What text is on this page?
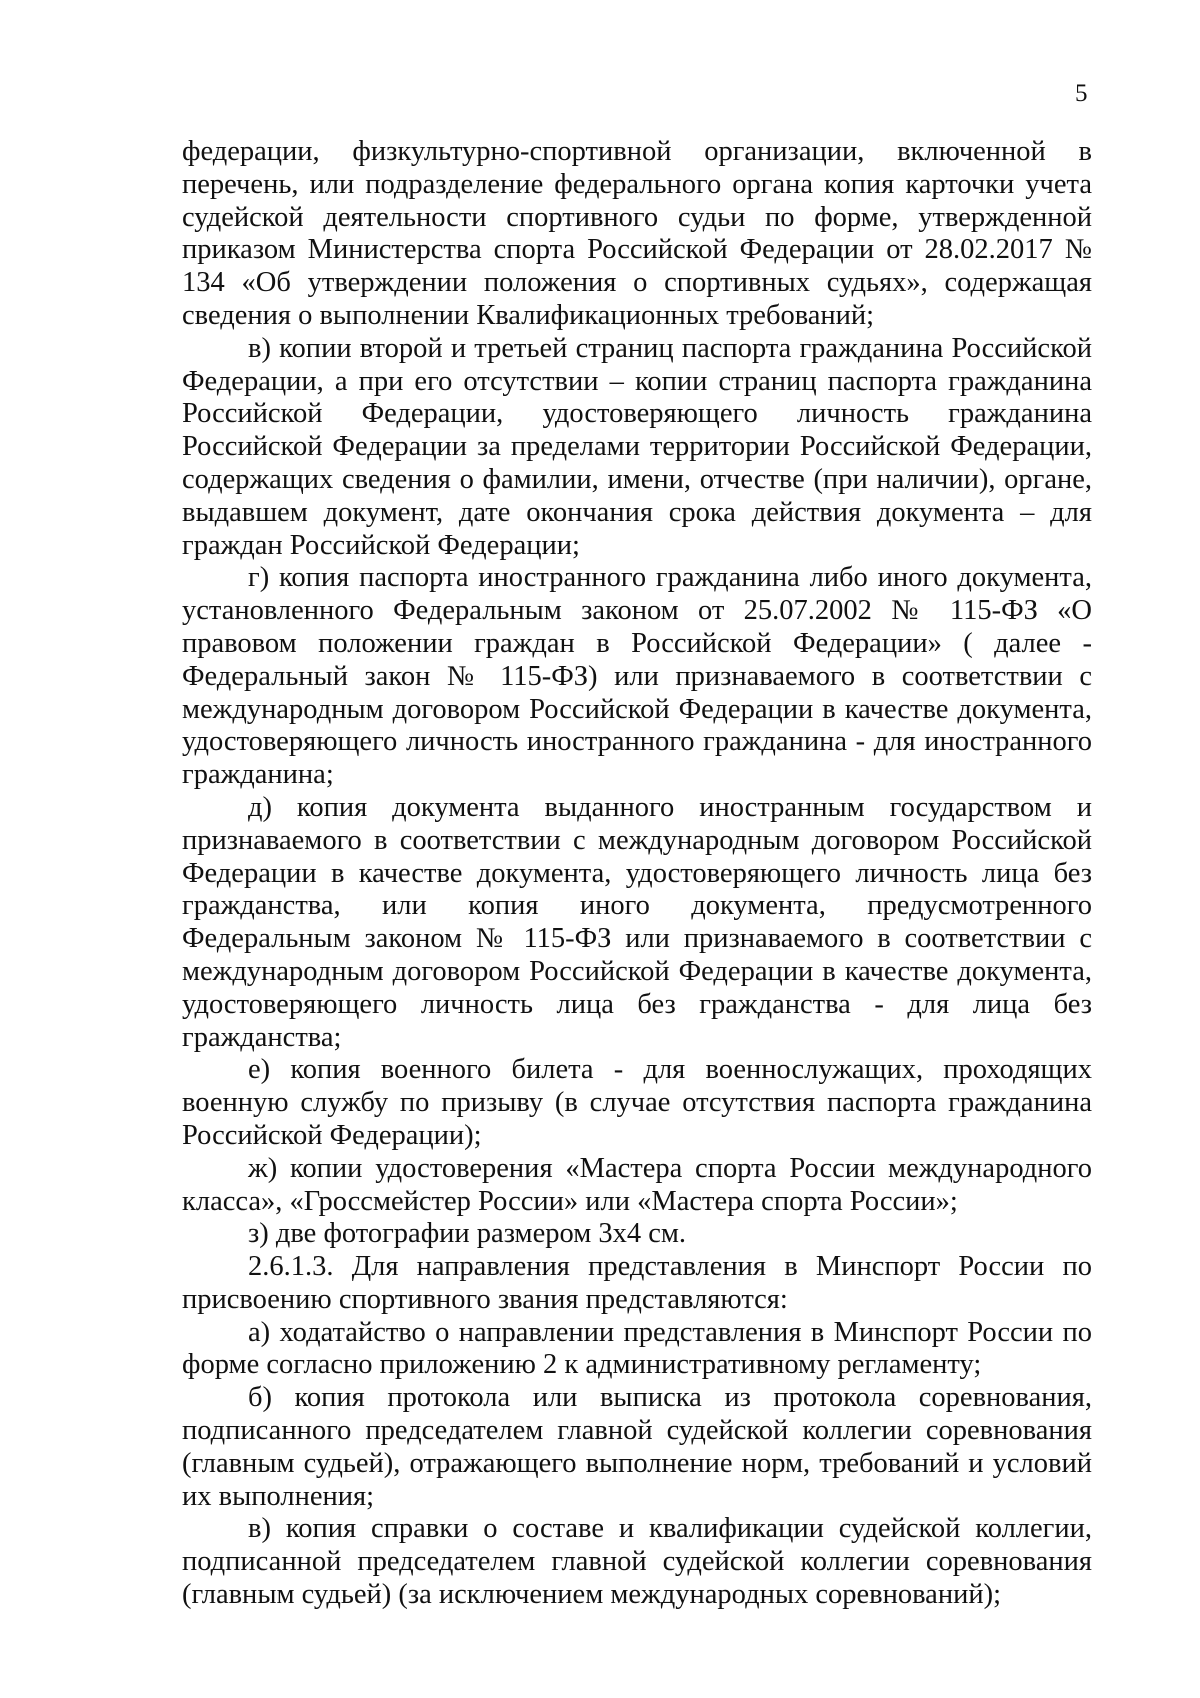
5

федерации, физкультурно-спортивной организации, включенной в перечень, или подразделение федерального органа копия карточки учета судейской деятельности спортивного судьи по форме, утвержденной приказом Министерства спорта Российской Федерации от 28.02.2017 № 134 «Об утверждении положения о спортивных судьях», содержащая сведения о выполнении Квалификационных требований;

в) копии второй и третьей страниц паспорта гражданина Российской Федерации, а при его отсутствии – копии страниц паспорта гражданина Российской Федерации, удостоверяющего личность гражданина Российской Федерации за пределами территории Российской Федерации, содержащих сведения о фамилии, имени, отчестве (при наличии), органе, выдавшем документ, дате окончания срока действия документа – для граждан Российской Федерации;

г) копия паспорта иностранного гражданина либо иного документа, установленного Федеральным законом от 25.07.2002 № 115-ФЗ «О правовом положении граждан в Российской Федерации» ( далее - Федеральный закон № 115-ФЗ) или признаваемого в соответствии с международным договором Российской Федерации в качестве документа, удостоверяющего личность иностранного гражданина - для иностранного гражданина;

д) копия документа выданного иностранным государством и признаваемого в соответствии с международным договором Российской Федерации в качестве документа, удостоверяющего личность лица без гражданства, или копия иного документа, предусмотренного Федеральным законом № 115-ФЗ или признаваемого в соответствии с международным договором Российской Федерации в качестве документа, удостоверяющего личность лица без гражданства - для лица без гражданства;

е) копия военного билета - для военнослужащих, проходящих военную службу по призыву (в случае отсутствия паспорта гражданина Российской Федерации);

ж) копии удостоверения «Мастера спорта России международного класса», «Гроссмейстер России» или «Мастера спорта России»;

з) две фотографии размером 3х4 см.

2.6.1.3. Для направления представления в Минспорт России по присвоению спортивного звания представляются:

а) ходатайство о направлении представления в Минспорт России по форме согласно приложению 2 к административному регламенту;

б) копия протокола или выписка из протокола соревнования, подписанного председателем главной судейской коллегии соревнования (главным судьей), отражающего выполнение норм, требований и условий их выполнения;

в) копия справки о составе и квалификации судейской коллегии, подписанной председателем главной судейской коллегии соревнования (главным судьей) (за исключением международных соревнований);
